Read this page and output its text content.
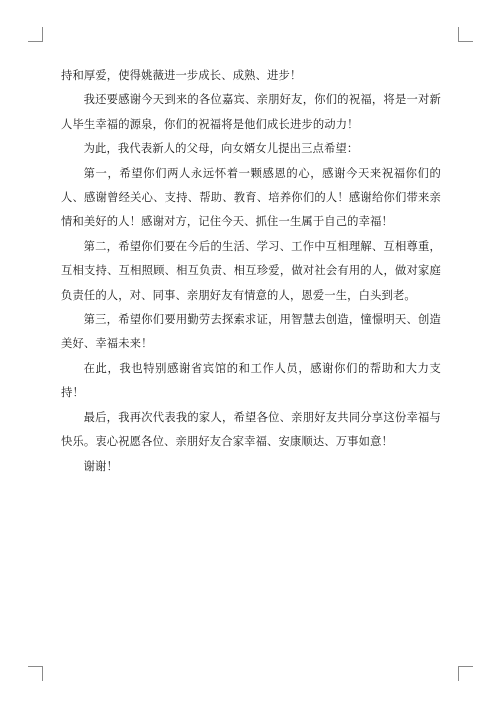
持和厚爱，使得姚薇进一步成长、成熟、进步！

我还要感谢今天到来的各位嘉宾、亲朋好友，你们的祝福，将是一对新人毕生幸福的源泉，你们的祝福将是他们成长进步的动力！

为此，我代表新人的父母，向女婿女儿提出三点希望：

第一，希望你们两人永远怀着一颗感恩的心，感谢今天来祝福你们的人、感谢曾经关心、支持、帮助、教育、培养你们的人！感谢给你们带来亲情和美好的人！感谢对方，记住今天、抓住一生属于自己的幸福！

第二，希望你们要在今后的生活、学习、工作中互相理解、互相尊重，互相支持、互相照顾、相互负责、相互珍爱，做对社会有用的人，做对家庭负责任的人，对、同事、亲朋好友有情意的人，恩爱一生，白头到老。

第三，希望你们要用勤劳去探索求证，用智慧去创造，憧憬明天、创造美好、幸福未来！

在此，我也特别感谢省宾馆的和工作人员，感谢你们的帮助和大力支持！

最后，我再次代表我的家人，希望各位、亲朋好友共同分享这份幸福与快乐。衷心祝愿各位、亲朋好友合家幸福、安康顺达、万事如意！

谢谢！
